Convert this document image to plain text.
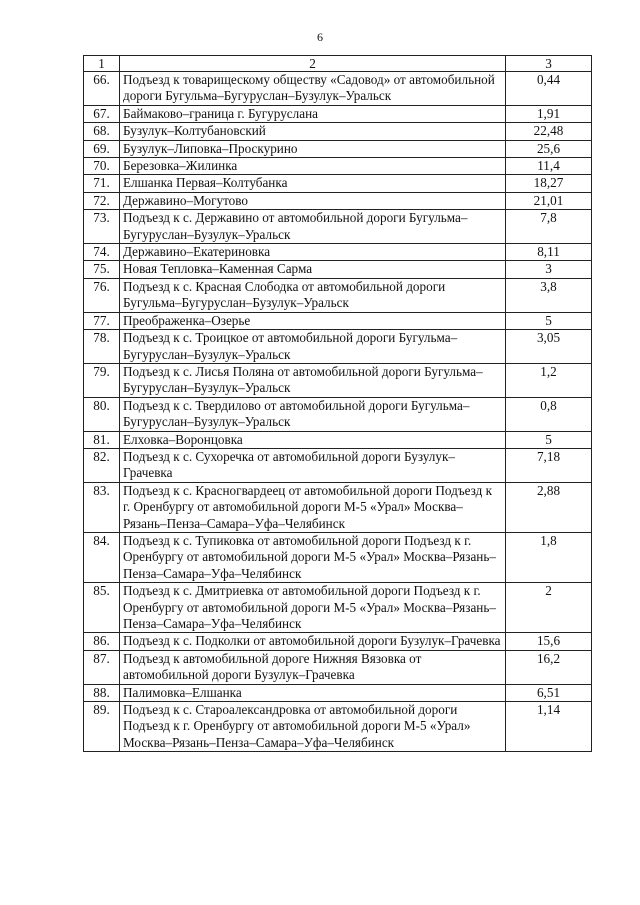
6
1	2	3
66.	Подъезд к товарищескому обществу «Садовод» от автомобильной дороги Бугульма–Бугуруслан–Бузулук–Уральск	0,44
67.	Баймаково–граница г. Бугуруслана	1,91
68.	Бузулук–Колтубановский	22,48
69.	Бузулук–Липовка–Проскурино	25,6
70.	Березовка–Жилинка	11,4
71.	Елшанка Первая–Колтубанка	18,27
72.	Державино–Могутово	21,01
73.	Подъезд к с. Державино от автомобильной дороги Бугульма–Бугуруслан–Бузулук–Уральск	7,8
74.	Державино–Екатериновка	8,11
75.	Новая Тепловка–Каменная Сарма	3
76.	Подъезд к с. Красная Слободка от автомобильной дороги Бугульма–Бугуруслан–Бузулук–Уральск	3,8
77.	Преображенка–Озерье	5
78.	Подъезд к с. Троицкое от автомобильной дороги Бугульма–Бугуруслан–Бузулук–Уральск	3,05
79.	Подъезд к с. Лисья Поляна от автомобильной дороги Бугульма–Бугуруслан–Бузулук–Уральск	1,2
80.	Подъезд к с. Твердилово от автомобильной дороги Бугульма–Бугуруслан–Бузулук–Уральск	0,8
81.	Елховка–Воронцовка	5
82.	Подъезд к с. Сухоречка от автомобильной дороги Бузулук–Грачевка	7,18
83.	Подъезд к с. Красногвардеец от автомобильной дороги Подъезд к г. Оренбургу от автомобильной дороги М-5 «Урал» Москва–Рязань–Пенза–Самара–Уфа–Челябинск	2,88
84.	Подъезд к с. Тупиковка от автомобильной дороги Подъезд к г. Оренбургу от автомобильной дороги М-5 «Урал» Москва–Рязань–Пенза–Самара–Уфа–Челябинск	1,8
85.	Подъезд к с. Дмитриевка от автомобильной дороги Подъезд к г. Оренбургу от автомобильной дороги М-5 «Урал» Москва–Рязань–Пенза–Самара–Уфа–Челябинск	2
86.	Подъезд к с. Подколки от автомобильной дороги Бузулук–Грачевка	15,6
87.	Подъезд к автомобильной дороге Нижняя Вязовка от автомобильной дороги Бузулук–Грачевка	16,2
88.	Палимовка–Елшанка	6,51
89.	Подъезд к с. Староалександровка от автомобильной дороги Подъезд к г. Оренбургу от автомобильной дороги М-5 «Урал» Москва–Рязань–Пенза–Самара–Уфа–Челябинск	1,14
